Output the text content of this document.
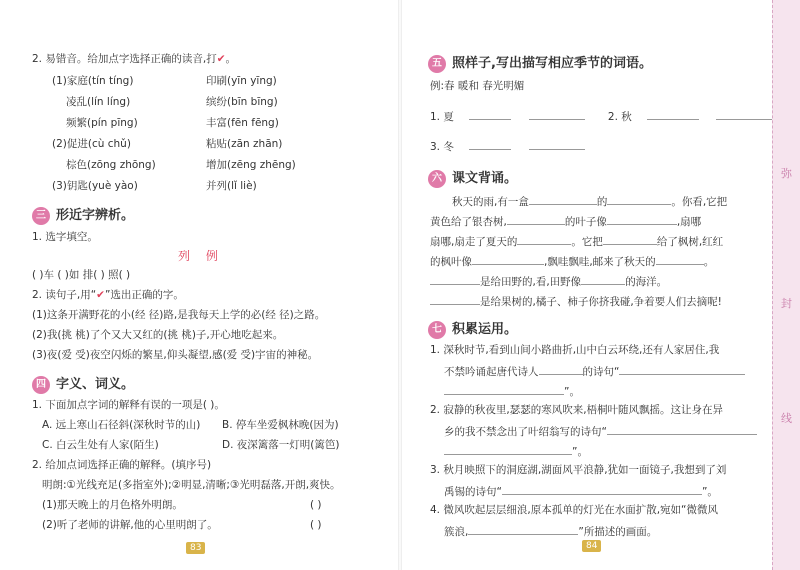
2. 易错音。给加点字选择正确的读音,打✔。
(1)家庭(tín tíng)	印刷(yīn yīng)
凌乱(lín líng)	缤纷(bīn bīng)
频繁(pín pīng)	丰富(fēn fēng)
(2)促进(cù chǔ)	粘贴(zān zhān)
棕色(zōng zhōng)	增加(zēng zhēng)
(3)钥匙(yuè yào)	并列(lǐ liè)
三 形近字辨析。
1. 选字填空。
列 例
( )车 ( )如 排( ) 照( )
2. 读句子,用“✔”选出正确的字。
(1)这条开满野花的小(经 径)路,是我每天上学的必(经 径)之路。
(2)我(挑 桃)了个又大又红的(挑 桃)子,开心地吃起来。
(3)夜(爱 受)夜空闪烁的繁星,仰头凝望,感(爱 受)宇宙的神秘。
四 字义、词义。
1. 下面加点字词的解释有误的一项是( )。
A. 远上寒山石径斜(深秋时节的山) B. 停车坐爱枫林晚(因为)
C. 白云生处有人家(陌生)	D. 夜深篱落一灯明(篱笆)
2. 给加点词选择正确的解释。(填序号)
明朗:①光线充足(多指室外);②明显,清晰;③光明磊落,开朗,爽快。
(1)那天晚上的月色格外明朗。	( )
(2)听了老师的讲解,他的心里明朗了。	( )
83
五 照样子,写出描写相应季节的词语。
例:春 暖和 春光明媚
1. 夏	2. 秋
3. 冬
六 课文背诵。
秋天的雨,有一盒	的	。你看,它把
黄色给了银杏树,	的叶子像	,扇哪
扇哪,扇走了夏天的	。它把	给了枫树,红红
的枫叶像	,飘哇飘哇,邮来了秋天的	。
是给田野的,看,田野像	的海洋。
是给果树的,橘子、柿子你挤我碰,争着要人们去摘呢!
七 积累运用。
1. 深秋时节,看到山间小路曲折,山中白云环绕,还有人家居住,我
不禁吟诵起唐代诗人	的诗句“
”。
2. 寂静的秋夜里,瑟瑟的寒风吹来,梧桐叶随风飘摇。这让身在异
乡的我不禁念出了叶绍翁写的诗句“
”。
3. 秋月映照下的洞庭湖,湖面风平浪静,犹如一面镜子,我想到了刘
禹锡的诗句“	”。
4. 微风吹起层层细浪,原本孤单的灯光在水面扩散,宛如“微微风
簇浪,	”所描述的画面。
84
弥
封
线
